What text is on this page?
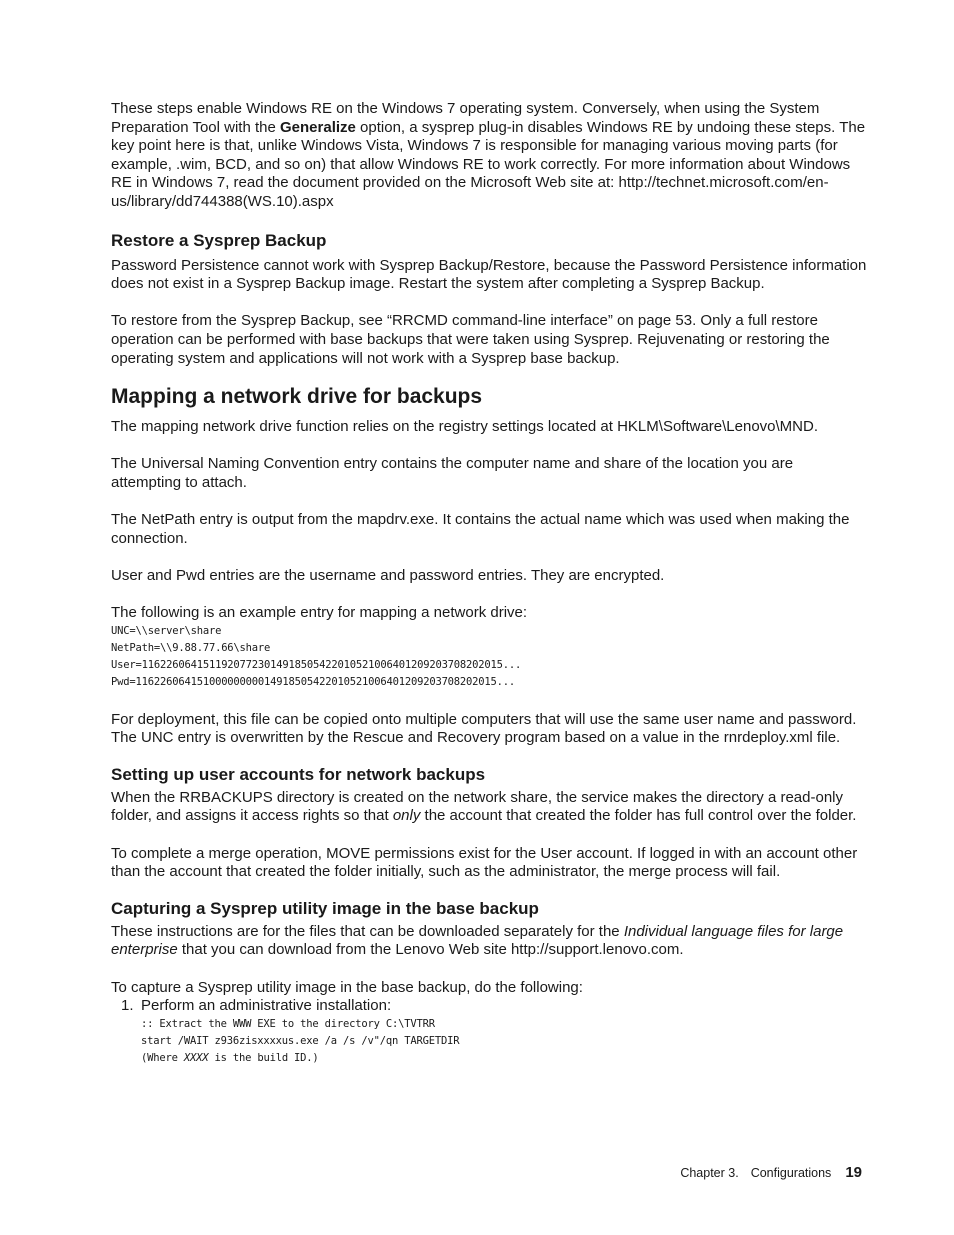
These steps enable Windows RE on the Windows 7 operating system. Conversely, when using the System Preparation Tool with the Generalize option, a sysprep plug-in disables Windows RE by undoing these steps. The key point here is that, unlike Windows Vista, Windows 7 is responsible for managing various moving parts (for example, .wim, BCD, and so on) that allow Windows RE to work correctly. For more information about Windows RE in Windows 7, read the document provided on the Microsoft Web site at: http://technet.microsoft.com/en-us/library/dd744388(WS.10).aspx

Restore a Sysprep Backup

Password Persistence cannot work with Sysprep Backup/Restore, because the Password Persistence information does not exist in a Sysprep Backup image. Restart the system after completing a Sysprep Backup.

To restore from the Sysprep Backup, see “RRCMD command-line interface” on page 53. Only a full restore operation can be performed with base backups that were taken using Sysprep. Rejuvenating or restoring the operating system and applications will not work with a Sysprep base backup.

Mapping a network drive for backups

The mapping network drive function relies on the registry settings located at HKLM\Software\Lenovo\MND.

The Universal Naming Convention entry contains the computer name and share of the location you are attempting to attach.

The NetPath entry is output from the mapdrv.exe. It contains the actual name which was used when making the connection.

User and Pwd entries are the username and password entries. They are encrypted.

The following is an example entry for mapping a network drive:

UNC=\\server\share
NetPath=\\9.88.77.66\share
User=11622606415119207723014918505422010521006401209203708202015...
Pwd=11622606415100000000014918505422010521006401209203708202015...

For deployment, this file can be copied onto multiple computers that will use the same user name and password. The UNC entry is overwritten by the Rescue and Recovery program based on a value in the rnrdeploy.xml file.

Setting up user accounts for network backups

When the RRBACKUPS directory is created on the network share, the service makes the directory a read-only folder, and assigns it access rights so that only the account that created the folder has full control over the folder.

To complete a merge operation, MOVE permissions exist for the User account. If logged in with an account other than the account that created the folder initially, such as the administrator, the merge process will fail.

Capturing a Sysprep utility image in the base backup

These instructions are for the files that can be downloaded separately for the Individual language files for large enterprise that you can download from the Lenovo Web site http://support.lenovo.com.

To capture a Sysprep utility image in the base backup, do the following:

1. Perform an administrative installation:

:: Extract the WWW EXE to the directory C:\TVTRR
start /WAIT z936zisxxxxus.exe /a /s /v"/qn TARGETDIR
(Where XXXX is the build ID.)
Chapter 3. Configurations 19
